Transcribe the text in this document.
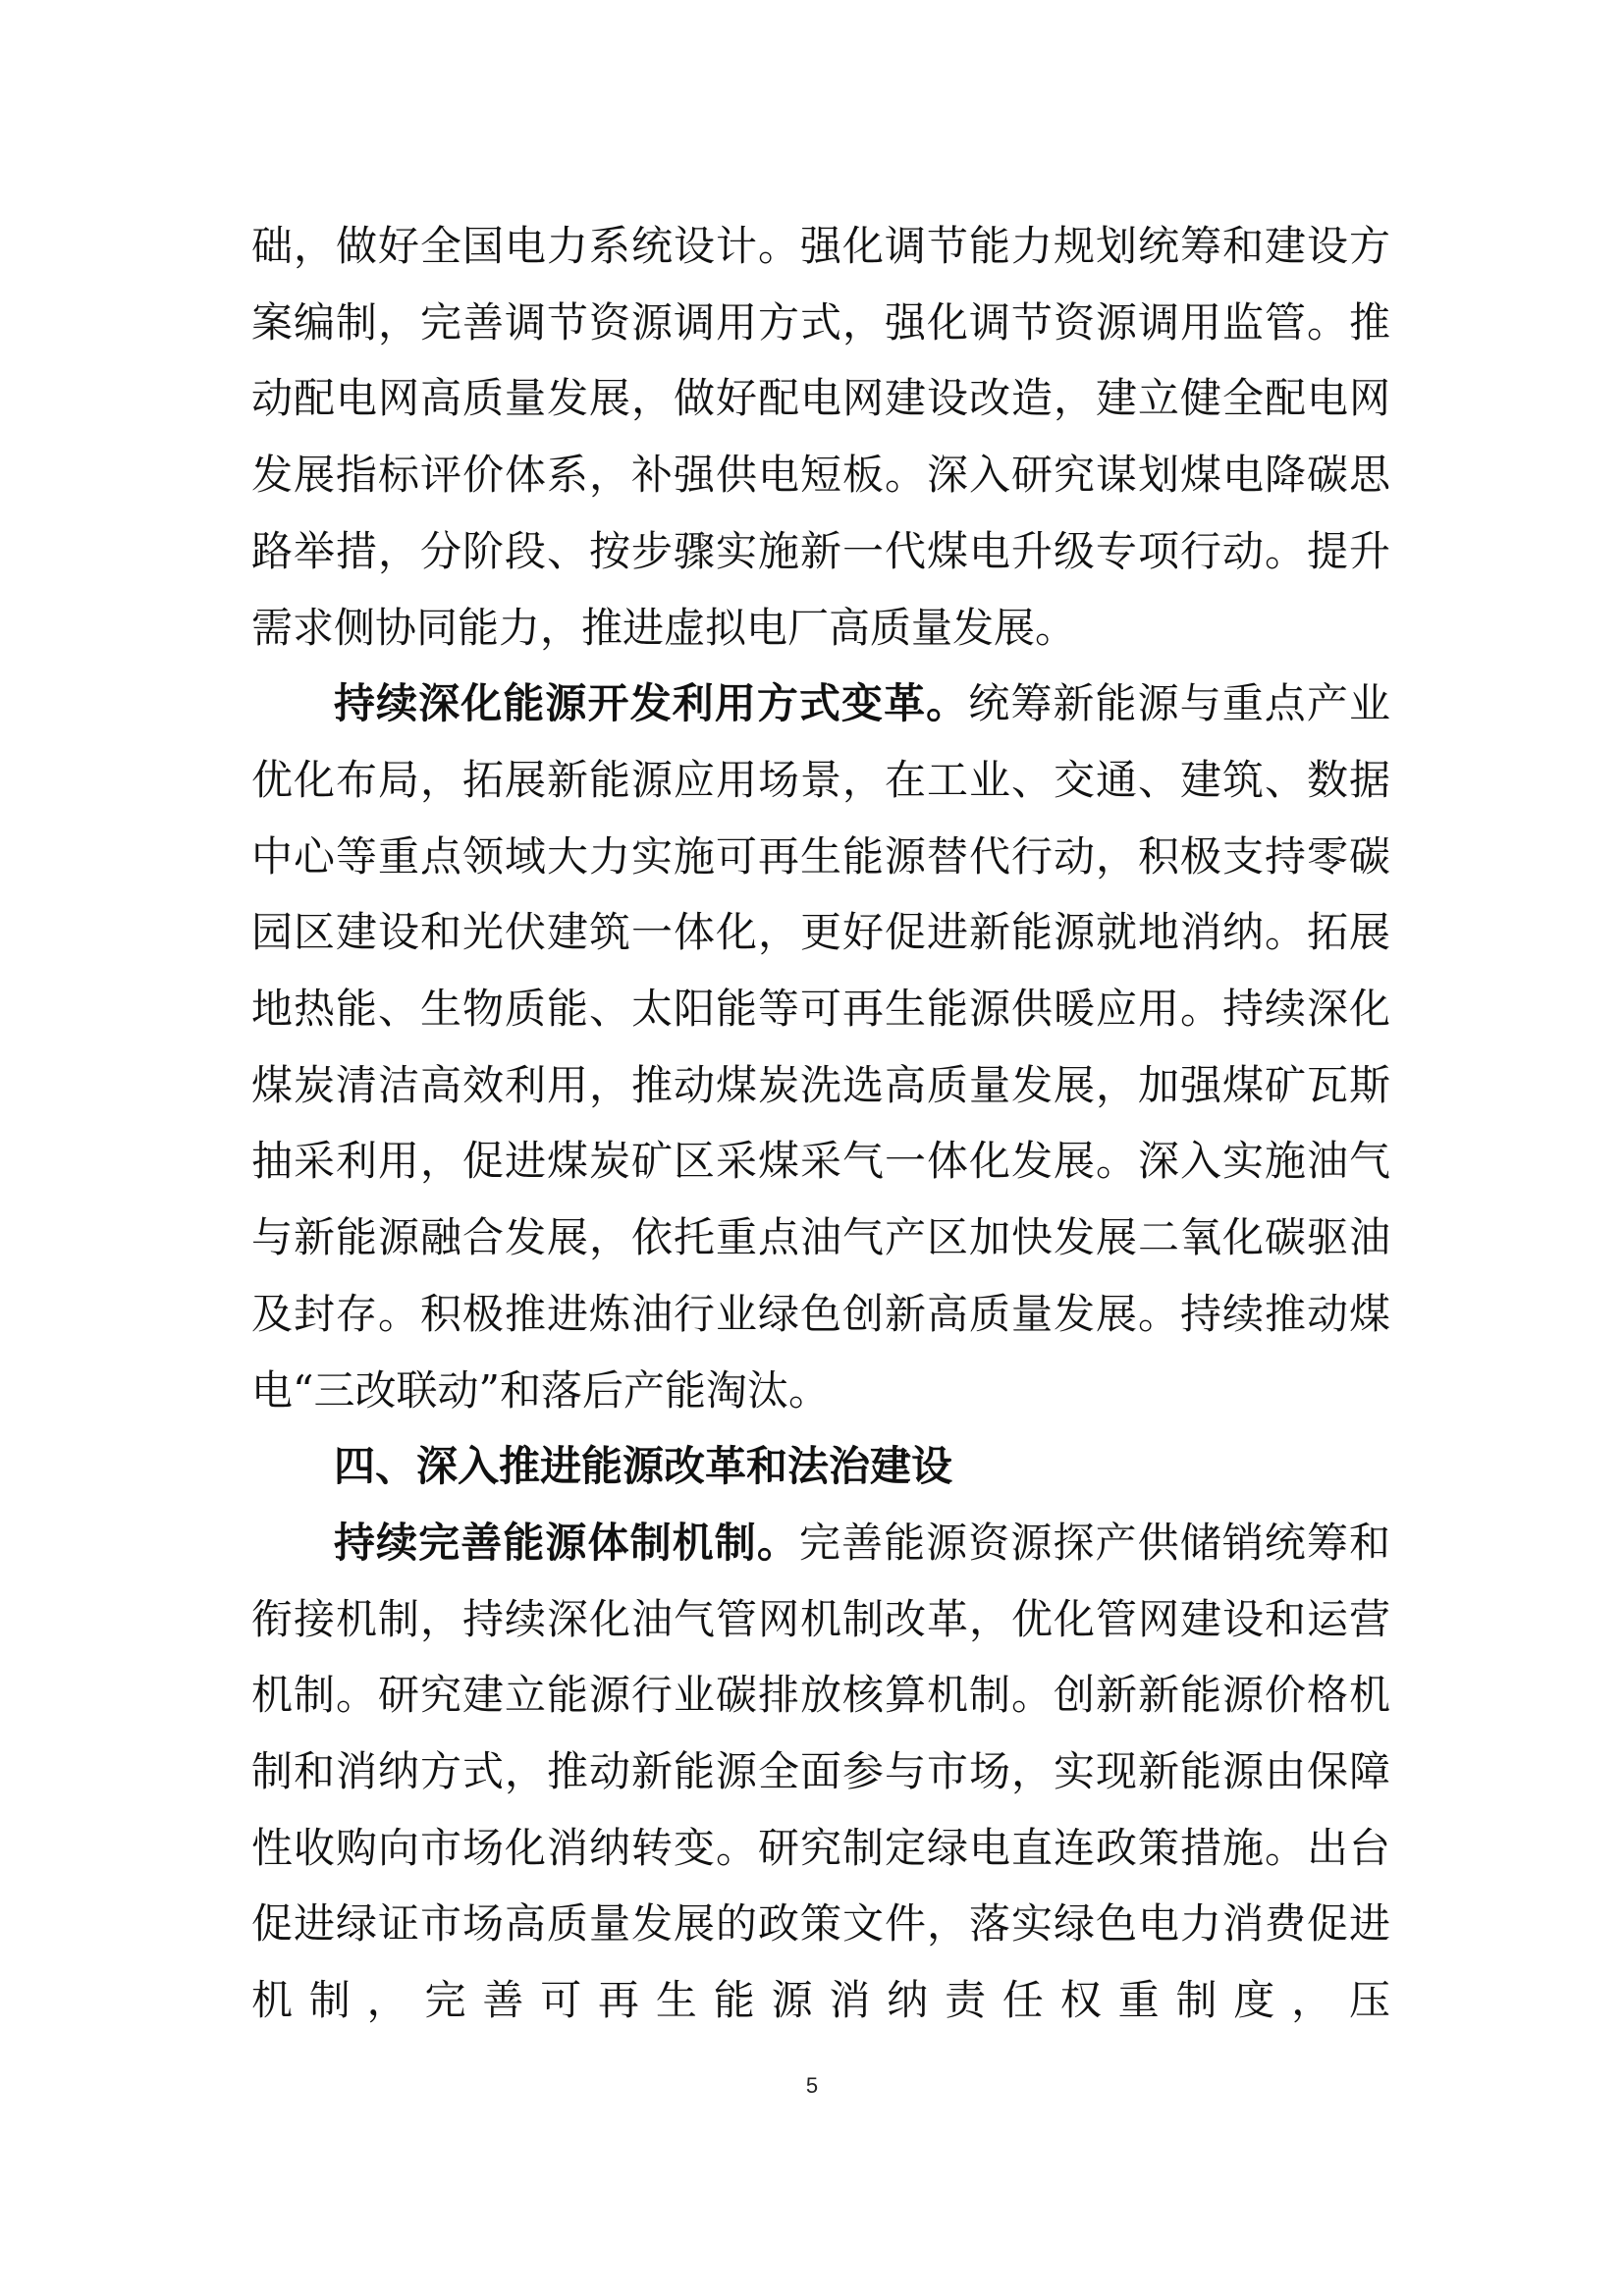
础，做好全国电力系统设计。强化调节能力规划统筹和建设方案编制，完善调节资源调用方式，强化调节资源调用监管。推动配电网高质量发展，做好配电网建设改造，建立健全配电网发展指标评价体系，补强供电短板。深入研究谋划煤电降碳思路举措，分阶段、按步骤实施新一代煤电升级专项行动。提升需求侧协同能力，推进虚拟电厂高质量发展。

持续深化能源开发利用方式变革。统筹新能源与重点产业优化布局，拓展新能源应用场景，在工业、交通、建筑、数据中心等重点领域大力实施可再生能源替代行动，积极支持零碳园区建设和光伏建筑一体化，更好促进新能源就地消纳。拓展地热能、生物质能、太阳能等可再生能源供暖应用。持续深化煤炭清洁高效利用，推动煤炭洗选高质量发展，加强煤矿瓦斯抽采利用，促进煤炭矿区采煤采气一体化发展。深入实施油气与新能源融合发展，依托重点油气产区加快发展二氧化碳驱油及封存。积极推进炼油行业绿色创新高质量发展。持续推动煤电“三改联动”和落后产能淘汰。

四、深入推进能源改革和法治建设

持续完善能源体制机制。完善能源资源探产供储销统筹和衔接机制，持续深化油气管网机制改革，优化管网建设和运营机制。研究建立能源行业碳排放核算机制。创新新能源价格机制和消纳方式，推动新能源全面参与市场，实现新能源由保障性收购向市场化消纳转变。研究制定绿电直连政策措施。出台促进绿证市场高质量发展的政策文件，落实绿色电力消费促进机制，完善可再生能源消纳责任权重制度，压

5
